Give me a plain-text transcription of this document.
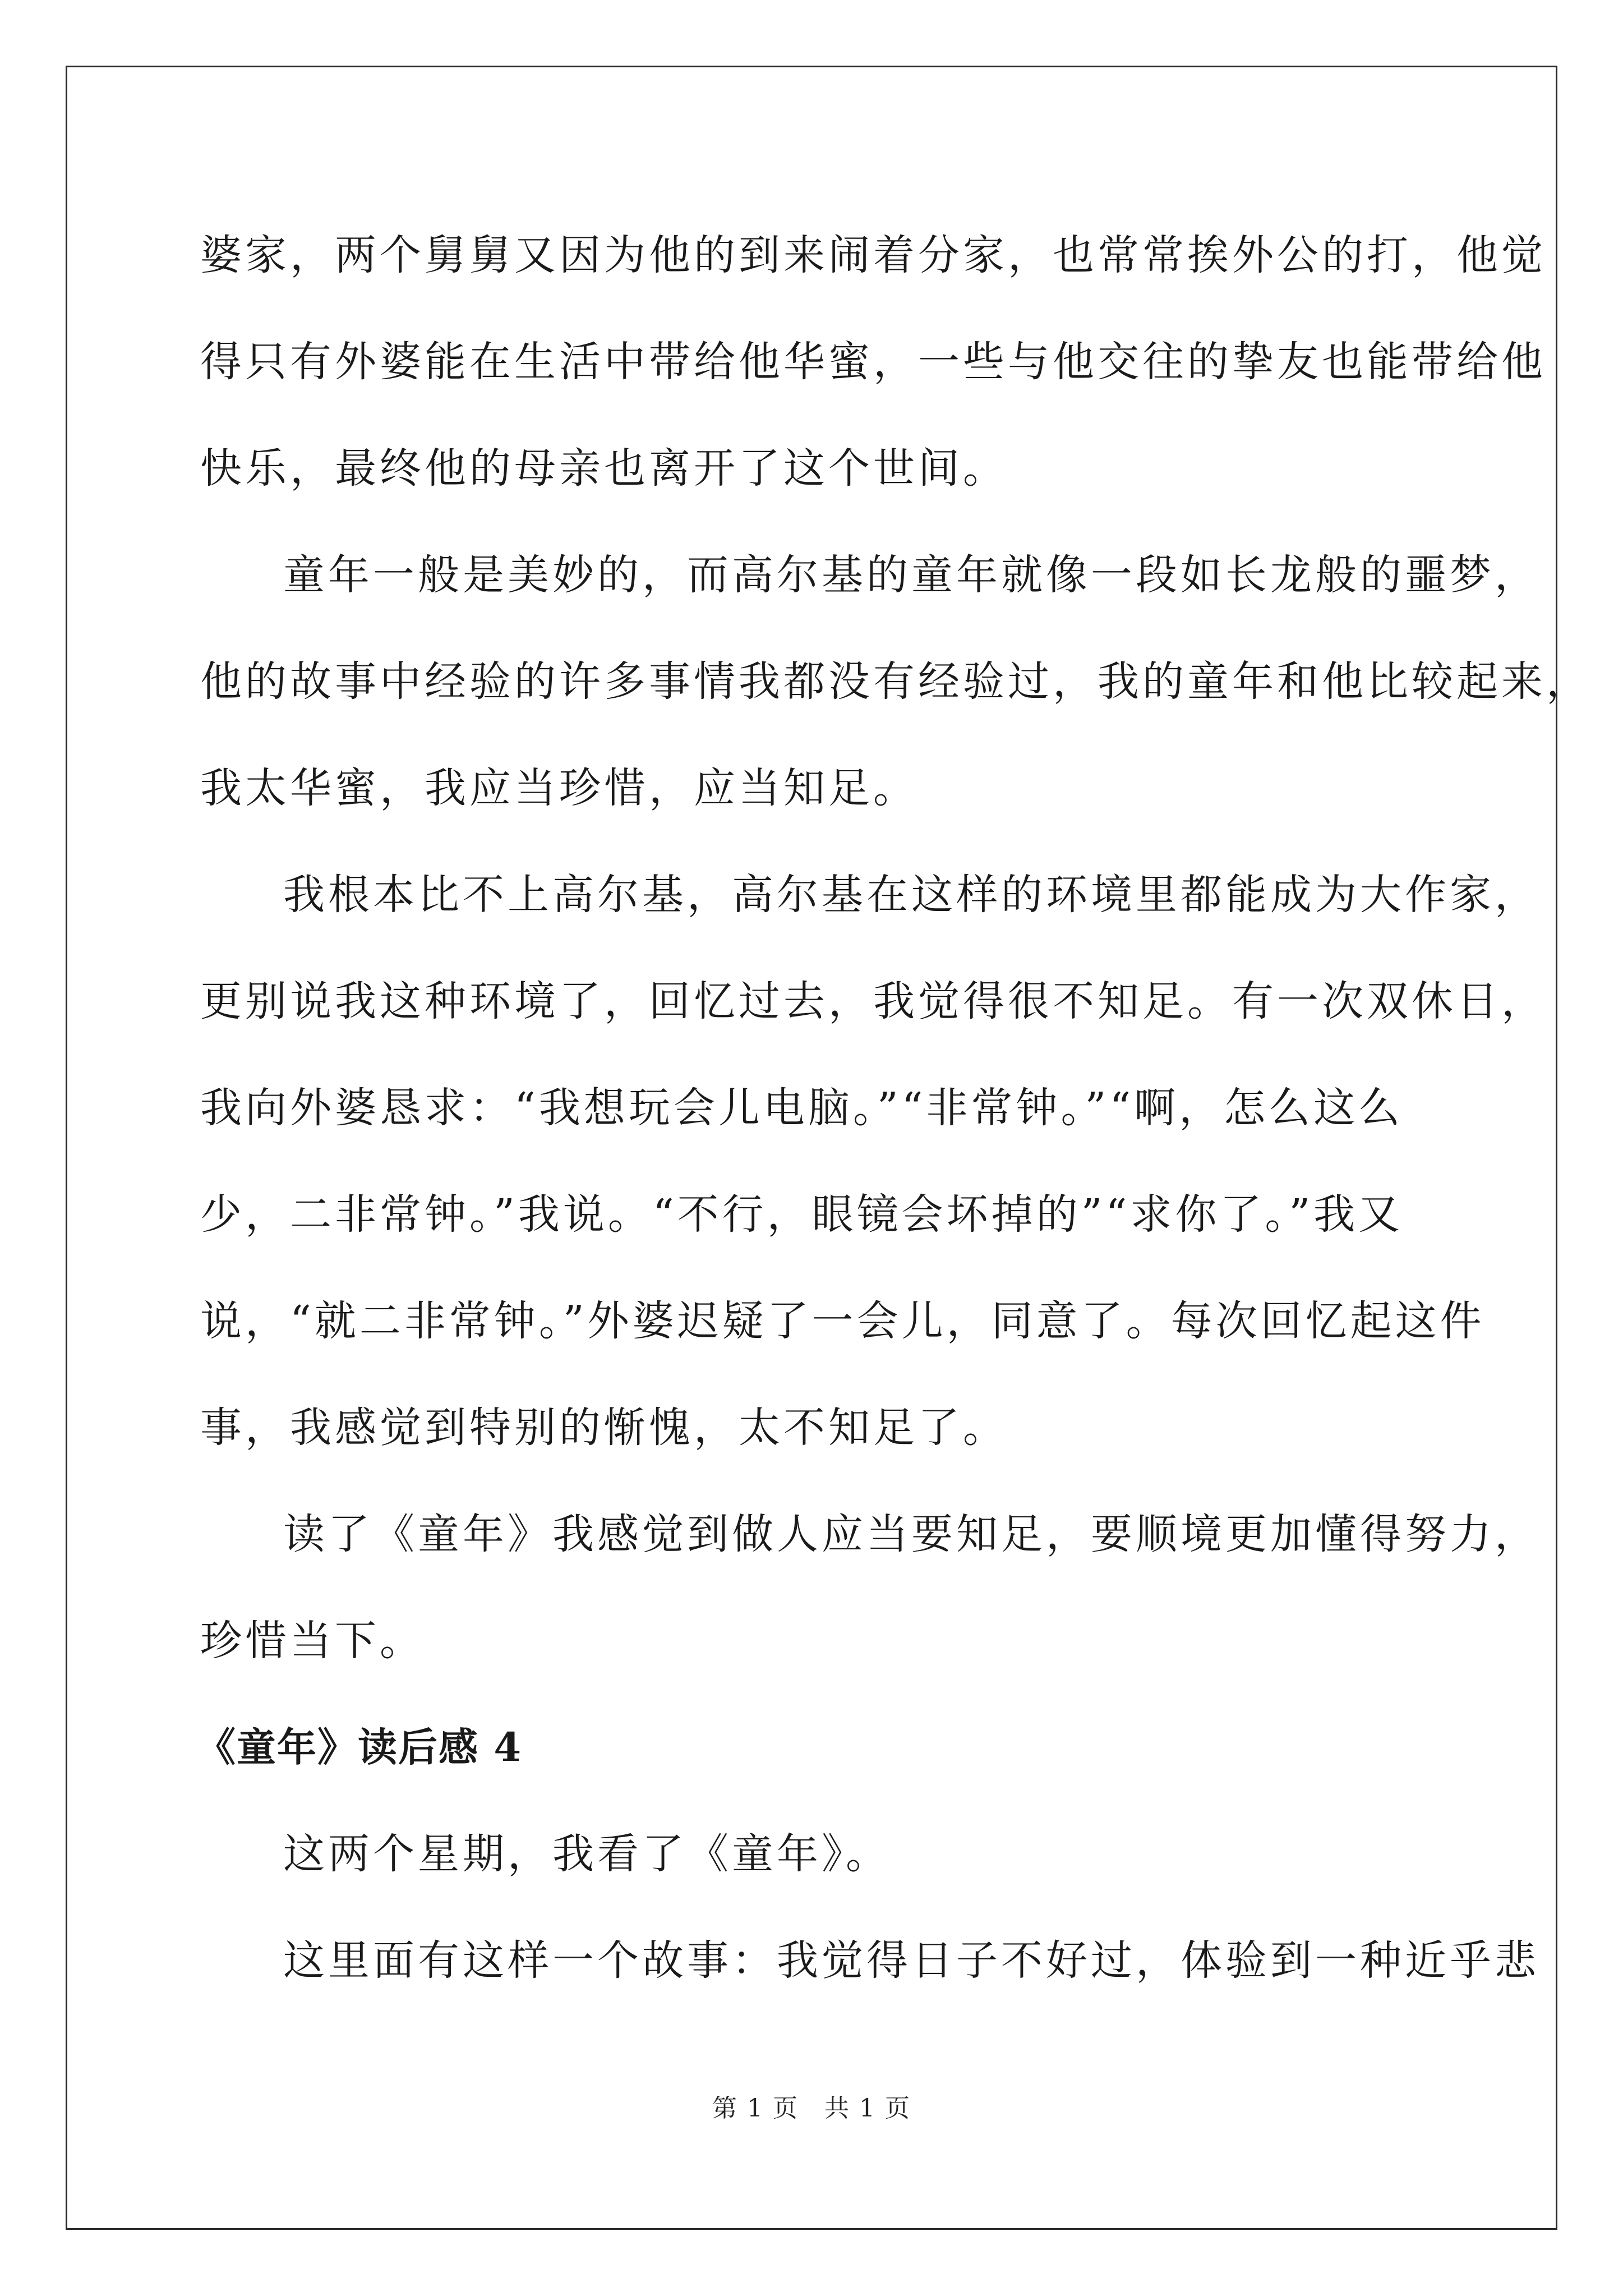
婆家，两个舅舅又因为他的到来闹着分家，也常常挨外公的打，他觉

得只有外婆能在生活中带给他华蜜，一些与他交往的挚友也能带给他

快乐，最终他的母亲也离开了这个世间。

童年一般是美妙的，而高尔基的童年就像一段如长龙般的噩梦，

他的故事中经验的许多事情我都没有经验过，我的童年和他比较起来，

我太华蜜，我应当珍惜，应当知足。

我根本比不上高尔基，高尔基在这样的环境里都能成为大作家，

更别说我这种环境了，回忆过去，我觉得很不知足。有一次双休日，

我向外婆恳求：“我想玩会儿电脑。”“非常钟。”“啊，怎么这么

少，二非常钟。”我说。“不行，眼镜会坏掉的”“求你了。”我又

说，“就二非常钟。”外婆迟疑了一会儿，同意了。每次回忆起这件

事，我感觉到特别的惭愧，太不知足了。

读了《童年》我感觉到做人应当要知足，要顺境更加懂得努力，

珍惜当下。

《童年》读后感 4

这两个星期，我看了《童年》。

这里面有这样一个故事：我觉得日子不好过，体验到一种近乎悲

第 1 页　共 1 页
